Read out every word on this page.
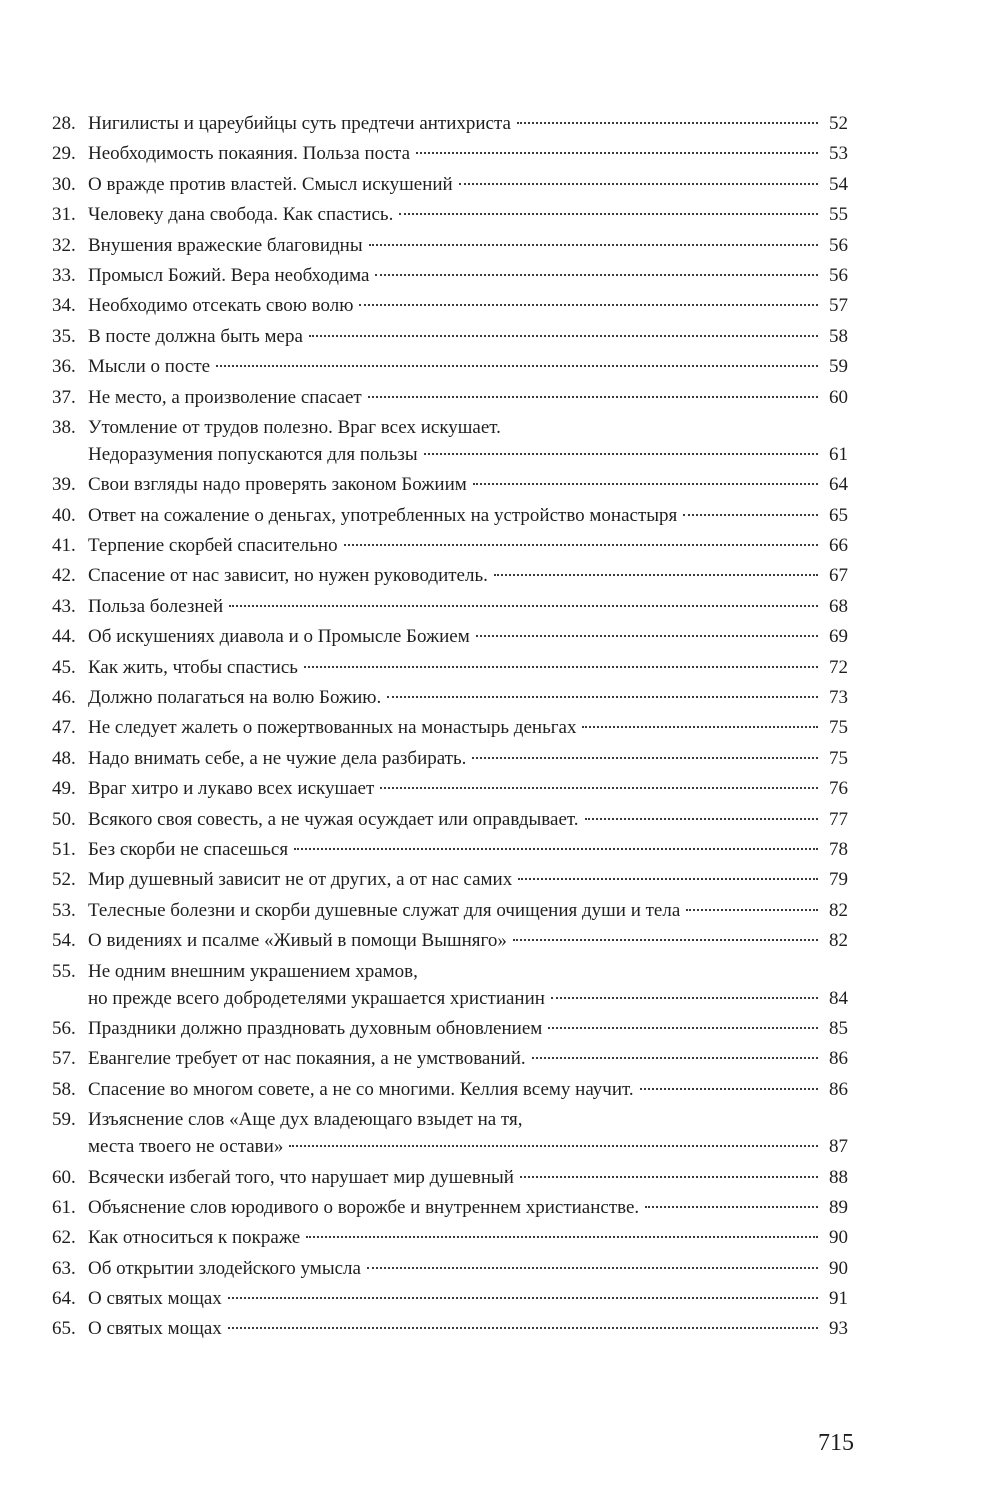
28. Нигилисты и цареубийцы суть предтечи антихриста	52
29. Необходимость покаяния. Польза поста	53
30. О вражде против властей. Смысл искушений	54
31. Человеку дана свобода. Как спастись.	55
32. Внушения вражеские благовидны	56
33. Промысл Божий. Вера необходима	56
34. Необходимо отсекать свою волю	57
35. В посте должна быть мера	58
36. Мысли о посте	59
37. Не место, а произволение спасает	60
38. Утомление от трудов полезно. Враг всех искушает.
Недоразумения попускаются для пользы	61
39. Свои взгляды надо проверять законом Божиим	64
40. Ответ на сожаление о деньгах, употребленных на устройство монастыря	65
41. Терпение скорбей спасительно	66
42. Спасение от нас зависит, но нужен руководитель.	67
43. Польза болезней	68
44. Об искушениях диавола и о Промысле Божием	69
45. Как жить, чтобы спастись	72
46. Должно полагаться на волю Божию.	73
47. Не следует жалеть о пожертвованных на монастырь деньгах	75
48. Надо внимать себе, а не чужие дела разбирать.	75
49. Враг хитро и лукаво всех искушает	76
50. Всякого своя совесть, а не чужая осуждает или оправдывает.	77
51. Без скорби не спасешься	78
52. Мир душевный зависит не от других, а от нас самих	79
53. Телесные болезни и скорби душевные служат для очищения души и тела	82
54. О видениях и псалме «Живый в помощи Вышняго»	82
55. Не одним внешним украшением храмов,
но прежде всего добродетелями украшается христианин	84
56. Праздники должно праздновать духовным обновлением	85
57. Евангелие требует от нас покаяния, а не умствований.	86
58. Спасение во многом совете, а не со многими. Келлия всему научит.	86
59. Изъяснение слов «Аще дух владеющаго взыдет на тя,
места твоего не остави»	87
60. Всячески избегай того, что нарушает мир душевный	88
61. Объяснение слов юродивого о ворожбе и внутреннем христианстве.	89
62. Как относиться к покраже	90
63. Об открытии злодейского умысла	90
64. О святых мощах	91
65. О святых мощах	93
715
